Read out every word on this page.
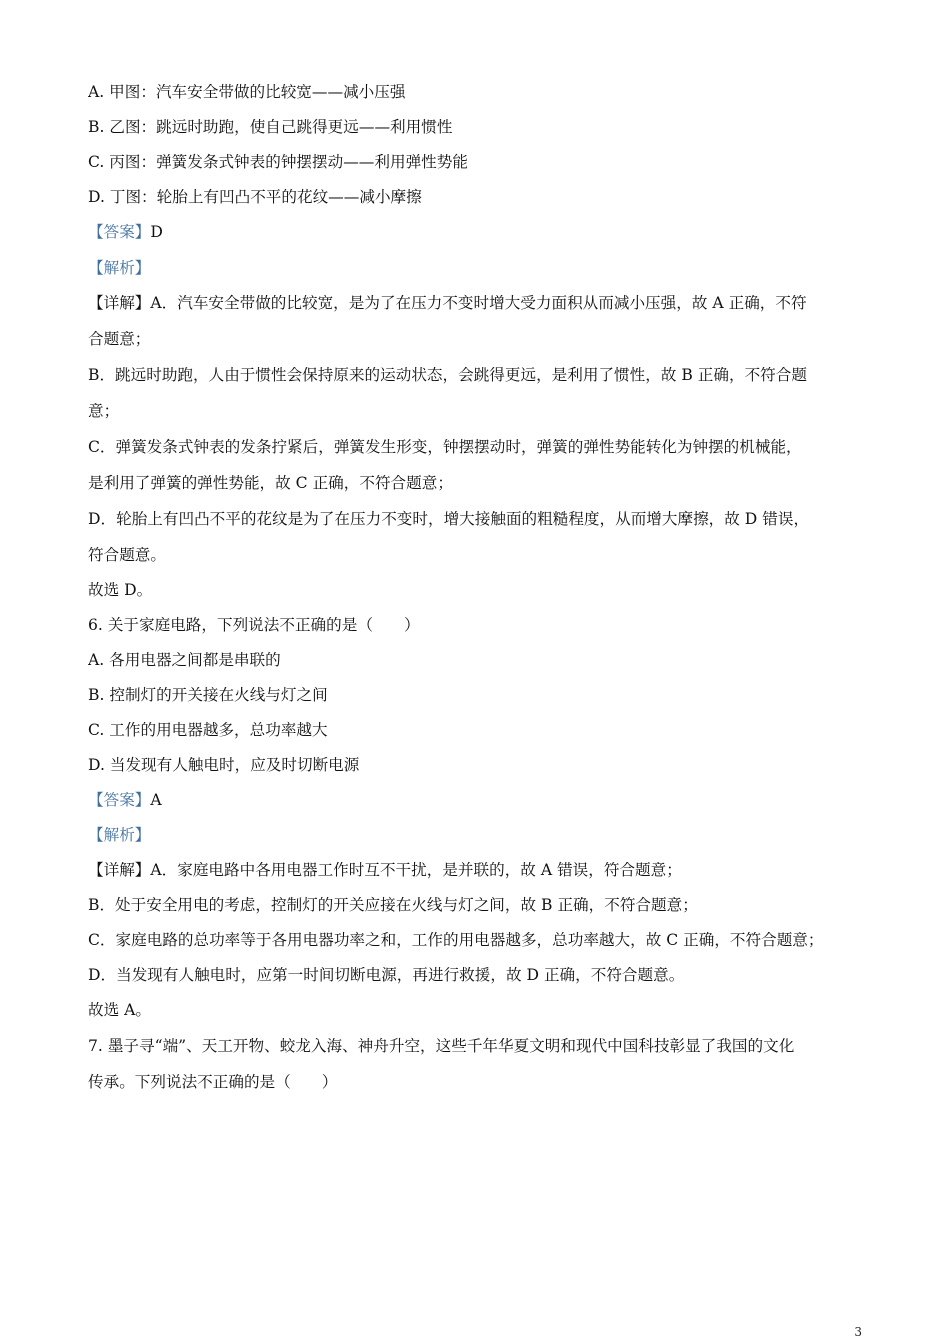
A. 甲图：汽车安全带做的比较宽——减小压强
B. 乙图：跳远时助跑，使自己跳得更远——利用惯性
C. 丙图：弹簧发条式钟表的钟摆摆动——利用弹性势能
D. 丁图：轮胎上有凹凸不平的花纹——减小摩擦
【答案】D
【解析】
【详解】A．汽车安全带做的比较宽，是为了在压力不变时增大受力面积从而减小压强，故 A 正确，不符
合题意；
B．跳远时助跑，人由于惯性会保持原来的运动状态，会跳得更远，是利用了惯性，故 B 正确，不符合题
意；
C．弹簧发条式钟表的发条拧紧后，弹簧发生形变，钟摆摆动时，弹簧的弹性势能转化为钟摆的机械能，
是利用了弹簧的弹性势能，故 C 正确，不符合题意；
D．轮胎上有凹凸不平的花纹是为了在压力不变时，增大接触面的粗糙程度，从而增大摩擦，故 D 错误，
符合题意。
故选 D。
6. 关于家庭电路，下列说法不正确的是（　　）
A. 各用电器之间都是串联的
B. 控制灯的开关接在火线与灯之间
C. 工作的用电器越多，总功率越大
D. 当发现有人触电时，应及时切断电源
【答案】A
【解析】
【详解】A．家庭电路中各用电器工作时互不干扰，是并联的，故 A 错误，符合题意；
B．处于安全用电的考虑，控制灯的开关应接在火线与灯之间，故 B 正确，不符合题意；
C．家庭电路的总功率等于各用电器功率之和，工作的用电器越多，总功率越大，故 C 正确，不符合题意；
D．当发现有人触电时，应第一时间切断电源，再进行救援，故 D 正确，不符合题意。
故选 A。
7. 墨子寻“端”、天工开物、蛟龙入海、神舟升空，这些千年华夏文明和现代中国科技彰显了我国的文化
传承。下列说法不正确的是（　　）
3
